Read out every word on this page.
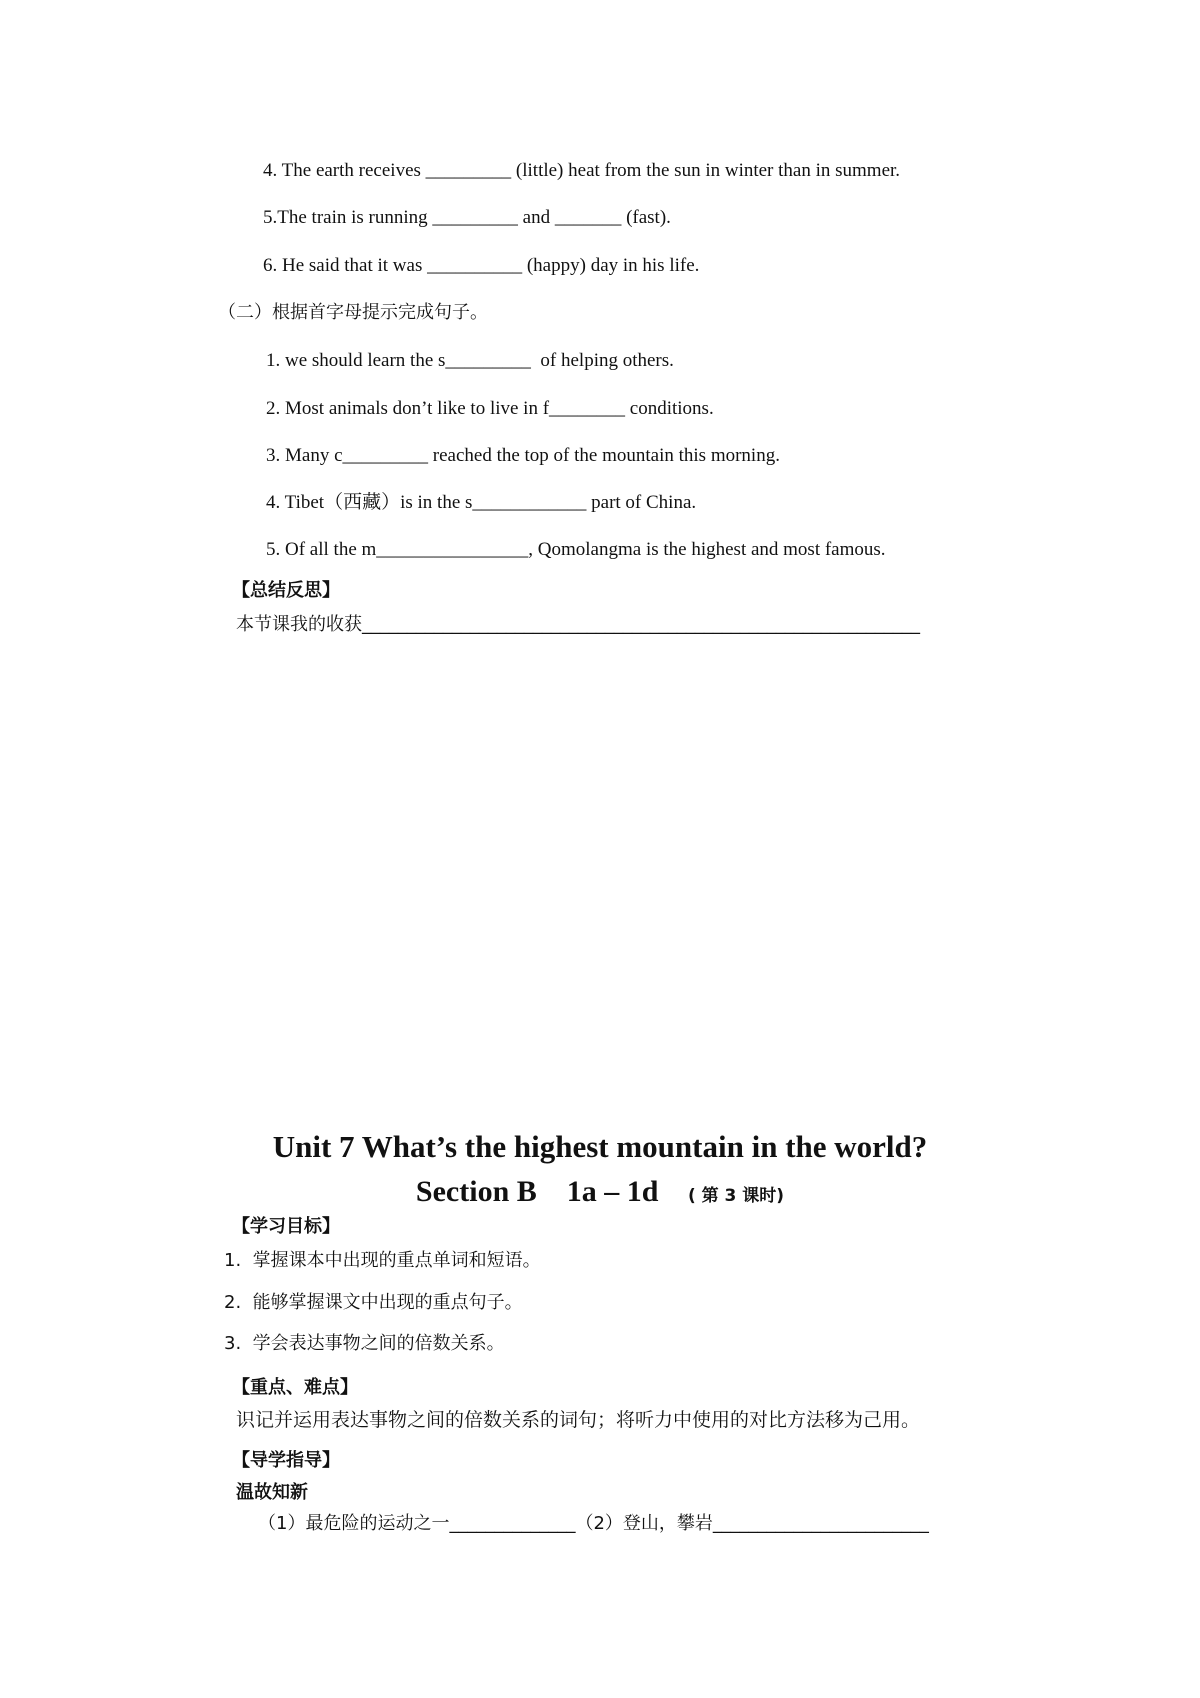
4. The earth receives _________ (little) heat from the sun in winter than in summer.
5.The train is running _________ and _______ (fast).
6. He said that it was __________ (happy) day in his life.
（二）根据首字母提示完成句子。
1. we should learn the s_________  of helping others.
2. Most animals don’t like to live in f________ conditions.
3. Many c_________ reached the top of the mountain this morning.
4. Tibet（西藏）is in the s____________ part of China.
5. Of all the m________________, Qomolangma is the highest and most famous.
【总结反思】
本节课我的收获______________________________________________________________
Unit 7 What’s the highest mountain in the world?
Section B    1a – 1d ( 第 3 课时)
【学习目标】
1.  掌握课本中出现的重点单词和短语。
2.  能够掌握课文中出现的重点句子。
3.  学会表达事物之间的倍数关系。
【重点、难点】
识记并运用表达事物之间的倍数关系的词句；将听力中使用的对比方法移为己用。
【导学指导】
温故知新
（1）最危险的运动之一______________（2）登山，攀岩________________________
